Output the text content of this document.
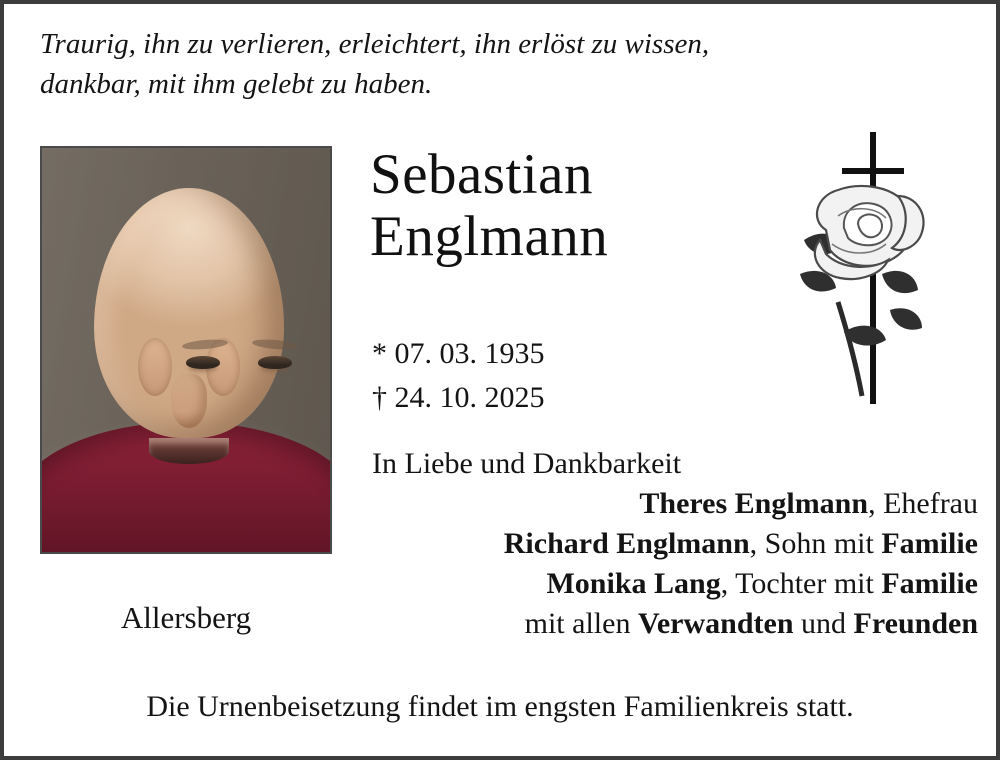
Traurig, ihn zu verlieren, erleichtert, ihn erlöst zu wissen,
dankbar, mit ihm gelebt zu haben.
Allersberg
Sebastian
Englmann
* 07. 03. 1935
† 24. 10. 2025
In Liebe und Dankbarkeit
Theres Englmann, Ehefrau
Richard Englmann, Sohn mit Familie
Monika Lang, Tochter mit Familie
mit allen Verwandten und Freunden
Die Urnenbeisetzung findet im engsten Familienkreis statt.
